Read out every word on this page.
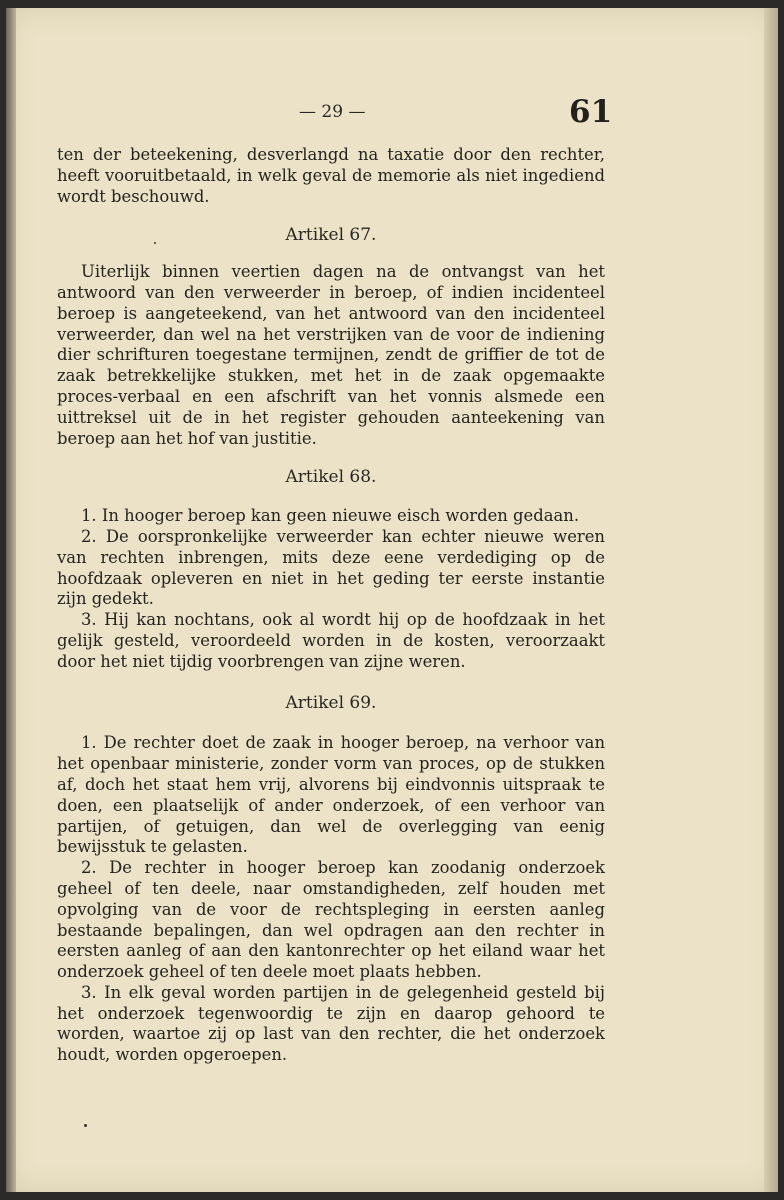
— 29 —	61

ten der beteekening, desverlangd na taxatie door den rechter, heeft vooruitbetaald, in welk geval de memorie als niet ingediend wordt beschouwd.

Artikel 67.

Uiterlijk binnen veertien dagen na de ontvangst van het antwoord van den verweerder in beroep, of indien incidenteel beroep is aangeteekend, van het antwoord van den incidenteel verweerder, dan wel na het verstrijken van de voor de indiening dier schrifturen toegestane termijnen, zendt de griffier de tot de zaak betrekkelijke stukken, met het in de zaak opgemaakte proces-verbaal en een afschrift van het vonnis alsmede een uittreksel uit de in het register gehouden aanteekening van beroep aan het hof van justitie.

Artikel 68.

1. In hooger beroep kan geen nieuwe eisch worden gedaan.

2. De oorspronkelijke verweerder kan echter nieuwe weren van rechten inbrengen, mits deze eene verdediging op de hoofdzaak opleveren en niet in het geding ter eerste instantie zijn gedekt.

3. Hij kan nochtans, ook al wordt hij op de hoofdzaak in het gelijk gesteld, veroordeeld worden in de kosten, veroorzaakt door het niet tijdig voorbrengen van zijne weren.

Artikel 69.

1. De rechter doet de zaak in hooger beroep, na verhoor van het openbaar ministerie, zonder vorm van proces, op de stukken af, doch het staat hem vrij, alvorens bij eindvonnis uitspraak te doen, een plaatselijk of ander onderzoek, of een verhoor van partijen, of getuigen, dan wel de overlegging van eenig bewijsstuk te gelasten.

2. De rechter in hooger beroep kan zoodanig onderzoek geheel of ten deele, naar omstandigheden, zelf houden met opvolging van de voor de rechtspleging in eersten aanleg bestaande bepalingen, dan wel opdragen aan den rechter in eersten aanleg of aan den kantonrechter op het eiland waar het onderzoek geheel of ten deele moet plaats hebben.

3. In elk geval worden partijen in de gelegenheid gesteld bij het onderzoek tegenwoordig te zijn en daarop gehoord te worden, waartoe zij op last van den rechter, die het onderzoek houdt, worden opgeroepen.
